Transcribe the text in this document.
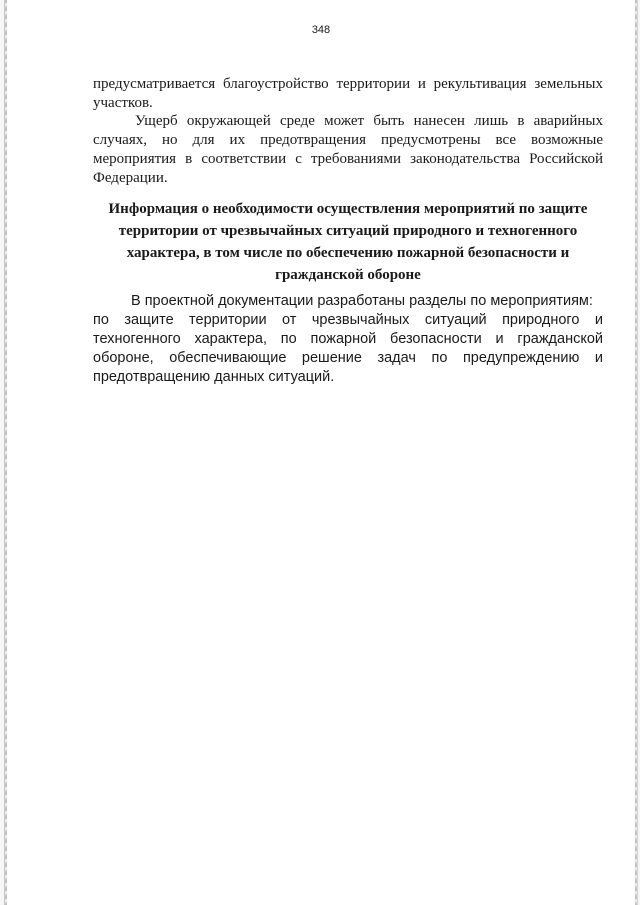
348
предусматривается благоустройство территории и рекультивация земельных участков.
Ущерб окружающей среде может быть нанесен лишь в аварийных случаях, но для их предотвращения предусмотрены все возможные мероприятия в соответствии с требованиями законодательства Российской Федерации.
Информация о необходимости осуществления мероприятий по защите территории от чрезвычайных ситуаций природного и техногенного характера, в том числе по обеспечению пожарной безопасности и гражданской обороне
В проектной документации разработаны разделы по мероприятиям:
по защите территории от чрезвычайных ситуаций природного и техногенного характера, по пожарной безопасности и гражданской обороне, обеспечивающие решение задач по предупреждению и предотвращению данных ситуаций.
